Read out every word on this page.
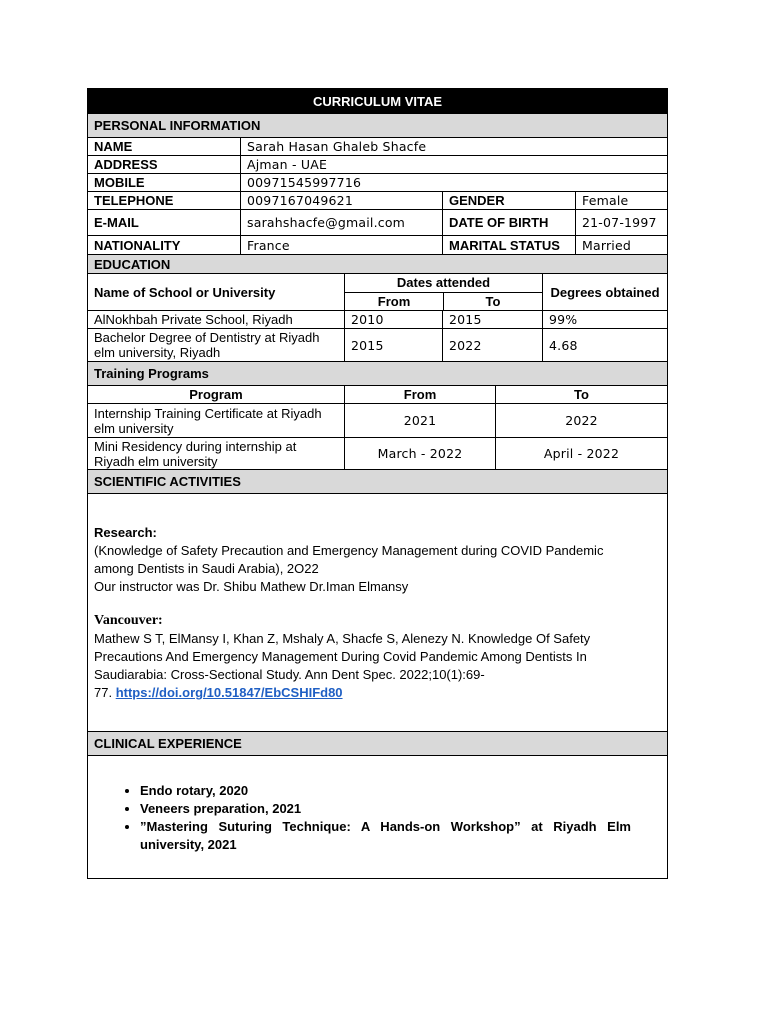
CURRICULUM VITAE
PERSONAL INFORMATION
NAME	Sarah Hasan Ghaleb Shacfe
ADDRESS	Ajman - UAE
MOBILE	00971545997716
TELEPHONE	0097167049621	GENDER	Female
E-MAIL	sarahshacfe@gmail.com	DATE OF BIRTH	21-07-1997
NATIONALITY	France	MARITAL STATUS	Married
EDUCATION
Name of School or University
Dates attended
From	To
Degrees obtained
AlNokhbah Private School, Riyadh	2010	2015	99%
Bachelor Degree of Dentistry at Riyadh elm university, Riyadh	2015	2022	4.68
Training Programs
Program	From	To
Internship Training Certificate at Riyadh elm university	2021	2022
Mini Residency during internship at Riyadh elm university	March - 2022	April - 2022
SCIENTIFIC ACTIVITIES
Research:
(Knowledge of Safety Precaution and Emergency Management during COVID Pandemic
among Dentists in Saudi Arabia), 2O22
Our instructor was Dr. Shibu Mathew Dr.Iman Elmansy
Vancouver:
Mathew S T, ElMansy I, Khan Z, Mshaly A, Shacfe S, Alenezy N. Knowledge Of Safety
Precautions And Emergency Management During Covid Pandemic Among Dentists In
Saudiarabia: Cross-Sectional Study. Ann Dent Spec. 2022;10(1):69-
77. https://doi.org/10.51847/EbCSHIFd80
CLINICAL EXPERIENCE
• Endo rotary, 2020
• Veneers preparation, 2021
• ”Mastering Suturing Technique: A Hands-on Workshop” at Riyadh Elm university, 2021
